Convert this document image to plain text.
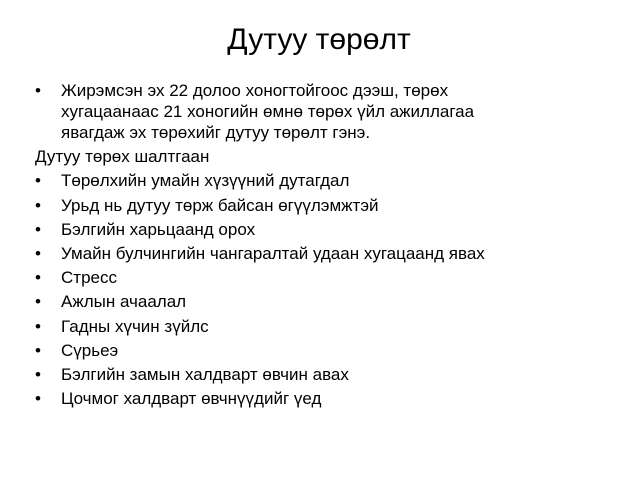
Дутуу төрөлт
•	Жирэмсэн эх 22 долоо хоногтойгоос дээш, төрөх
хугацаанаас 21 хоногийн өмнө төрөх үйл ажиллагаа
явагдаж эх төрөхийг дутуу төрөлт гэнэ.
Дутуу төрөх шалтгаан
•	Төрөлхийн умайн хүзүүний дутагдал
•	Урьд нь дутуу төрж байсан өгүүлэмжтэй
•	Бэлгийн харьцаанд орох
•	Умайн булчингийн чангаралтай удаан хугацаанд явах
•	Стресс
•	Ажлын ачаалал
•	Гадны хүчин зүйлс
•	Сүрьеэ
•	Бэлгийн замын халдварт өвчин авах
•	Цочмог халдварт өвчнүүдийг үед
